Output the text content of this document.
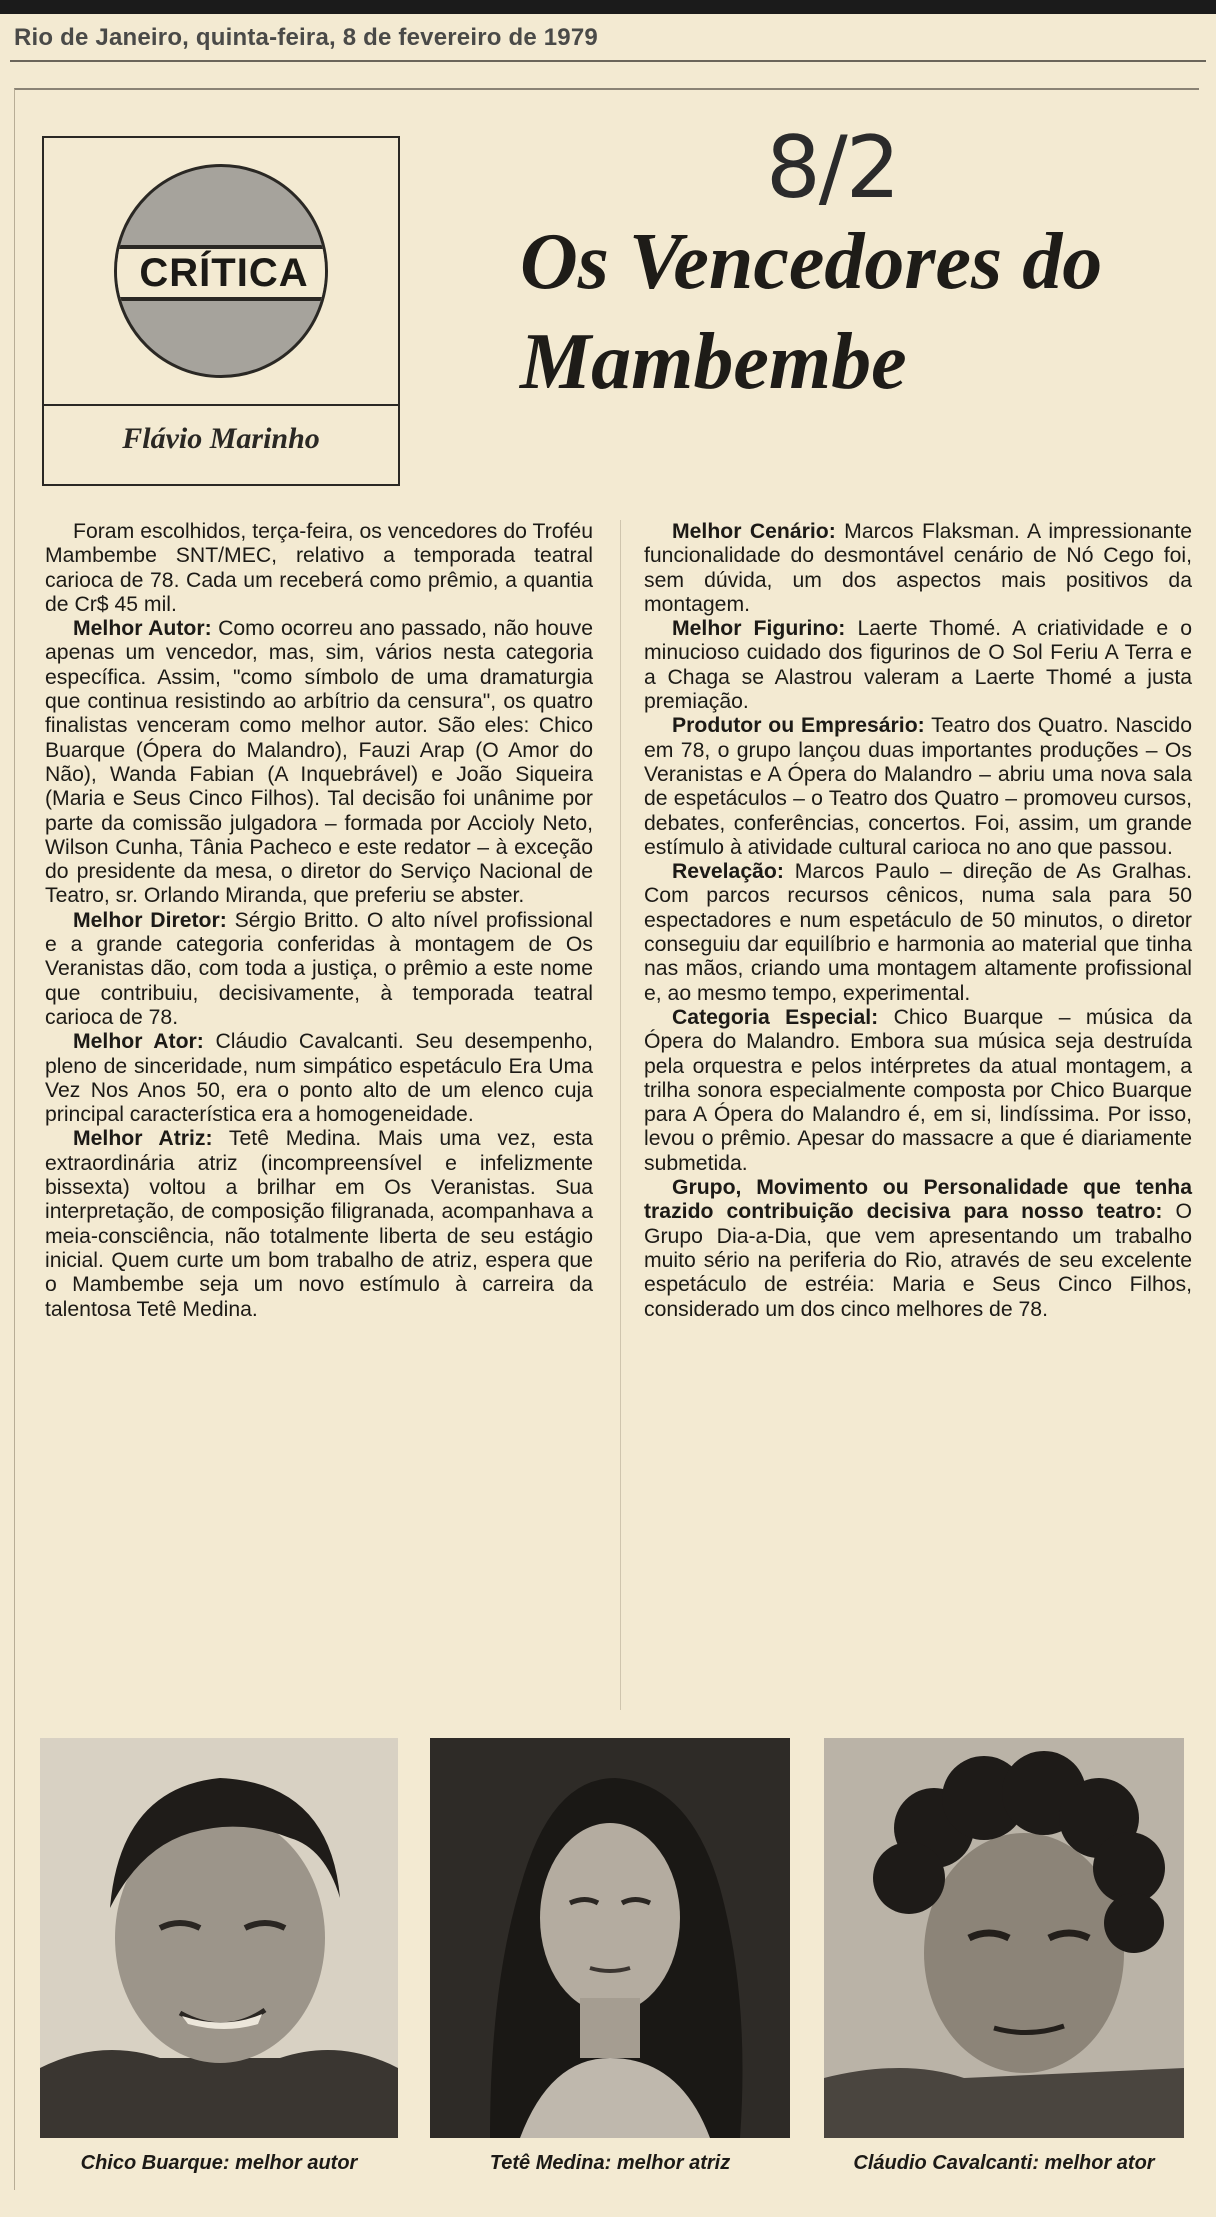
Rio de Janeiro, quinta-feira, 8 de fevereiro de 1979
CRÍTICA
Flávio Marinho
8/2
Os Vencedores do Mambembe

Foram escolhidos, terça-feira, os vencedores do Troféu Mambembe SNT/MEC, relativo a temporada teatral carioca de 78. Cada um receberá como prêmio, a quantia de Cr$ 45 mil.

Melhor Autor: Como ocorreu ano passado, não houve apenas um vencedor, mas, sim, vários nesta categoria específica. Assim, "como símbolo de uma dramaturgia que continua resistindo ao arbítrio da censura", os quatro finalistas venceram como melhor autor. São eles: Chico Buarque (Ópera do Malandro), Fauzi Arap (O Amor do Não), Wanda Fabian (A Inquebrável) e João Siqueira (Maria e Seus Cinco Filhos). Tal decisão foi unânime por parte da comissão julgadora – formada por Accioly Neto, Wilson Cunha, Tânia Pacheco e este redator – à exceção do presidente da mesa, o diretor do Serviço Nacional de Teatro, sr. Orlando Miranda, que preferiu se abster.

Melhor Diretor: Sérgio Britto. O alto nível profissional e a grande categoria conferidas à montagem de Os Veranistas dão, com toda a justiça, o prêmio a este nome que contribuiu, decisivamente, à temporada teatral carioca de 78.

Melhor Ator: Cláudio Cavalcanti. Seu desempenho, pleno de sinceridade, num simpático espetáculo Era Uma Vez Nos Anos 50, era o ponto alto de um elenco cuja principal característica era a homogeneidade.

Melhor Atriz: Tetê Medina. Mais uma vez, esta extraordinária atriz (incompreensível e infelizmente bissexta) voltou a brilhar em Os Veranistas. Sua interpretação, de composição filigranada, acompanhava a meia-consciência, não totalmente liberta de seu estágio inicial. Quem curte um bom trabalho de atriz, espera que o Mambembe seja um novo estímulo à carreira da talentosa Tetê Medina.

Melhor Cenário: Marcos Flaksman. A impressionante funcionalidade do desmontável cenário de Nó Cego foi, sem dúvida, um dos aspectos mais positivos da montagem.

Melhor Figurino: Laerte Thomé. A criatividade e o minucioso cuidado dos figurinos de O Sol Feriu A Terra e a Chaga se Alastrou valeram a Laerte Thomé a justa premiação.

Produtor ou Empresário: Teatro dos Quatro. Nascido em 78, o grupo lançou duas importantes produções – Os Veranistas e A Ópera do Malandro – abriu uma nova sala de espetáculos – o Teatro dos Quatro – promoveu cursos, debates, conferências, concertos. Foi, assim, um grande estímulo à atividade cultural carioca no ano que passou.

Revelação: Marcos Paulo – direção de As Gralhas. Com parcos recursos cênicos, numa sala para 50 espectadores e num espetáculo de 50 minutos, o diretor conseguiu dar equilíbrio e harmonia ao material que tinha nas mãos, criando uma montagem altamente profissional e, ao mesmo tempo, experimental.

Categoria Especial: Chico Buarque – música da Ópera do Malandro. Embora sua música seja destruída pela orquestra e pelos intérpretes da atual montagem, a trilha sonora especialmente composta por Chico Buarque para A Ópera do Malandro é, em si, lindíssima. Por isso, levou o prêmio. Apesar do massacre a que é diariamente submetida.

Grupo, Movimento ou Personalidade que tenha trazido contribuição decisiva para nosso teatro: O Grupo Dia-a-Dia, que vem apresentando um trabalho muito sério na periferia do Rio, através de seu excelente espetáculo de estréia: Maria e Seus Cinco Filhos, considerado um dos cinco melhores de 78.

Chico Buarque: melhor autor	Tetê Medina: melhor atriz	Cláudio Cavalcanti: melhor ator
